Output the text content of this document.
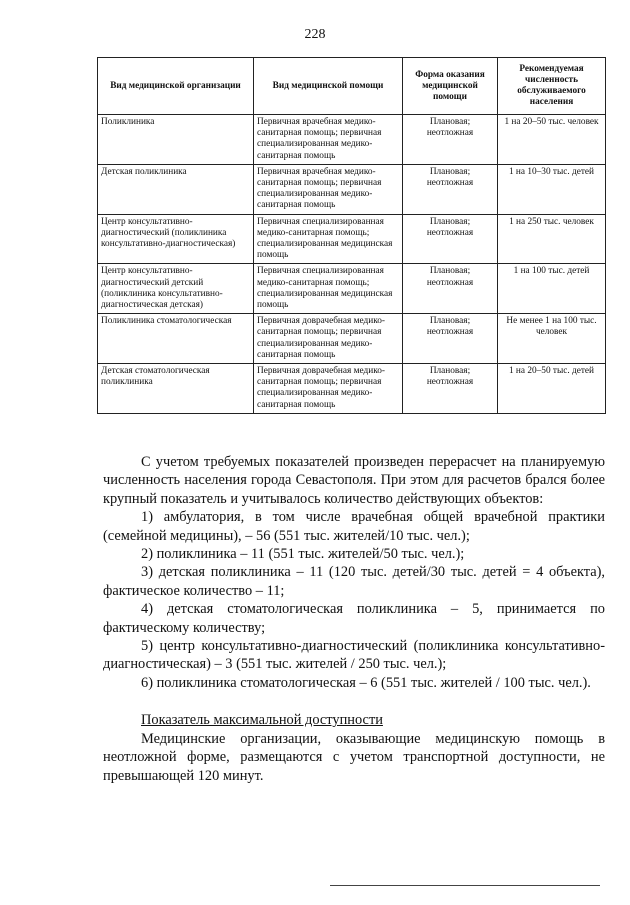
228
Вид медицинской организации	Вид медицинской помощи	Форма оказания медицинской помощи	Рекомендуемая численность обслуживаемого населения
Поликлиника	Первичная врачебная медико-санитарная помощь; первичная специализированная медико-санитарная помощь	Плановая; неотложная	1 на 20–50 тыс. человек
Детская поликлиника	Первичная врачебная медико-санитарная помощь; первичная специализированная медико-санитарная помощь	Плановая; неотложная	1 на 10–30 тыс. детей
Центр консультативно-диагностический (поликлиника консультативно-диагностическая)	Первичная специализированная медико-санитарная помощь; специализированная медицинская помощь	Плановая; неотложная	1 на 250 тыс. человек
Центр консультативно-диагностический детский (поликлиника консультативно-диагностическая детская)	Первичная специализированная медико-санитарная помощь; специализированная медицинская помощь	Плановая; неотложная	1 на 100 тыс. детей
Поликлиника стоматологическая	Первичная доврачебная медико-санитарная помощь; первичная специализированная медико-санитарная помощь	Плановая; неотложная	Не менее 1 на 100 тыс. человек
Детская стоматологическая поликлиника	Первичная доврачебная медико-санитарная помощь; первичная специализированная медико-санитарная помощь	Плановая; неотложная	1 на 20–50 тыс. детей

С учетом требуемых показателей произведен перерасчет на планируемую численность населения города Севастополя. При этом для расчетов брался более крупный показатель и учитывалось количество действующих объектов:

1) амбулатория, в том числе врачебная общей врачебной практики (семейной медицины), – 56 (551 тыс. жителей/10 тыс. чел.);

2) поликлиника – 11 (551 тыс. жителей/50 тыс. чел.);

3) детская поликлиника – 11 (120 тыс. детей/30 тыс. детей = 4 объекта), фактическое количество – 11;

4) детская стоматологическая поликлиника – 5, принимается по фактическому количеству;

5) центр консультативно-диагностический (поликлиника консультативно-диагностическая) – 3 (551 тыс. жителей / 250 тыс. чел.);

6) поликлиника стоматологическая – 6 (551 тыс. жителей / 100 тыс. чел.).

Показатель максимальной доступности

Медицинские организации, оказывающие медицинскую помощь в неотложной форме, размещаются с учетом транспортной доступности, не превышающей 120 минут.
